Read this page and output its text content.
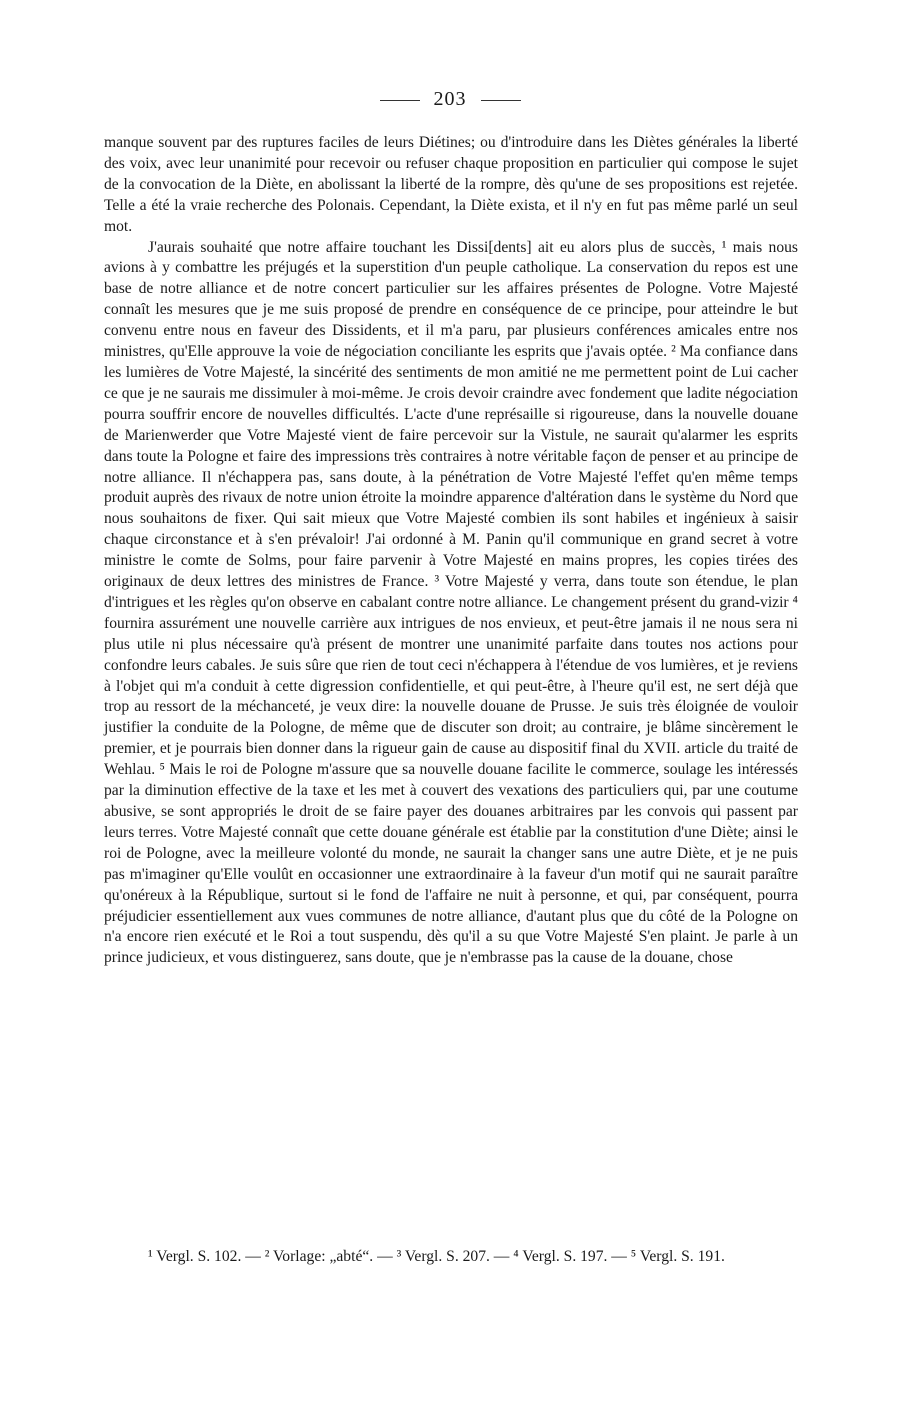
203

manque souvent par des ruptures faciles de leurs Diétines; ou d'introduire dans les Diètes générales la liberté des voix, avec leur unanimité pour recevoir ou refuser chaque proposition en particulier qui compose le sujet de la convocation de la Diète, en abolissant la liberté de la rompre, dès qu'une de ses propositions est rejetée. Telle a été la vraie recherche des Polonais. Cependant, la Diète exista, et il n'y en fut pas même parlé un seul mot.

J'aurais souhaité que notre affaire touchant les Dissi[dents] ait eu alors plus de succès, ¹ mais nous avions à y combattre les préjugés et la superstition d'un peuple catholique. La conservation du repos est une base de notre alliance et de notre concert particulier sur les affaires présentes de Pologne. Votre Majesté connaît les mesures que je me suis proposé de prendre en conséquence de ce principe, pour atteindre le but convenu entre nous en faveur des Dissidents, et il m'a paru, par plusieurs conférences amicales entre nos ministres, qu'Elle approuve la voie de négociation conciliante les esprits que j'avais optée. ² Ma confiance dans les lumières de Votre Majesté, la sincérité des sentiments de mon amitié ne me permettent point de Lui cacher ce que je ne saurais me dissimuler à moi-même. Je crois devoir craindre avec fondement que ladite négociation pourra souffrir encore de nouvelles difficultés. L'acte d'une représaille si rigoureuse, dans la nouvelle douane de Marienwerder que Votre Majesté vient de faire percevoir sur la Vistule, ne saurait qu'alarmer les esprits dans toute la Pologne et faire des impressions très contraires à notre véritable façon de penser et au principe de notre alliance. Il n'échappera pas, sans doute, à la pénétration de Votre Majesté l'effet qu'en même temps produit auprès des rivaux de notre union étroite la moindre apparence d'altération dans le système du Nord que nous souhaitons de fixer. Qui sait mieux que Votre Majesté combien ils sont habiles et ingénieux à saisir chaque circonstance et à s'en prévaloir! J'ai ordonné à M. Panin qu'il communique en grand secret à votre ministre le comte de Solms, pour faire parvenir à Votre Majesté en mains propres, les copies tirées des originaux de deux lettres des ministres de France. ³ Votre Majesté y verra, dans toute son étendue, le plan d'intrigues et les règles qu'on observe en cabalant contre notre alliance. Le changement présent du grand-vizir ⁴ fournira assurément une nouvelle carrière aux intrigues de nos envieux, et peut-être jamais il ne nous sera ni plus utile ni plus nécessaire qu'à présent de montrer une unanimité parfaite dans toutes nos actions pour confondre leurs cabales. Je suis sûre que rien de tout ceci n'échappera à l'étendue de vos lumières, et je reviens à l'objet qui m'a conduit à cette digression confidentielle, et qui peut-être, à l'heure qu'il est, ne sert déjà que trop au ressort de la méchanceté, je veux dire: la nouvelle douane de Prusse. Je suis très éloignée de vouloir justifier la conduite de la Pologne, de même que de discuter son droit; au contraire, je blâme sincèrement le premier, et je pourrais bien donner dans la rigueur gain de cause au dispositif final du XVII. article du traité de Wehlau. ⁵ Mais le roi de Pologne m'assure que sa nouvelle douane facilite le commerce, soulage les intéressés par la diminution effective de la taxe et les met à couvert des vexations des particuliers qui, par une coutume abusive, se sont appropriés le droit de se faire payer des douanes arbitraires par les convois qui passent par leurs terres. Votre Majesté connaît que cette douane générale est établie par la constitution d'une Diète; ainsi le roi de Pologne, avec la meilleure volonté du monde, ne saurait la changer sans une autre Diète, et je ne puis pas m'imaginer qu'Elle voulût en occasionner une extraordinaire à la faveur d'un motif qui ne saurait paraître qu'onéreux à la République, surtout si le fond de l'affaire ne nuit à personne, et qui, par conséquent, pourra préjudicier essentiellement aux vues communes de notre alliance, d'autant plus que du côté de la Pologne on n'a encore rien exécuté et le Roi a tout suspendu, dès qu'il a su que Votre Majesté S'en plaint. Je parle à un prince judicieux, et vous distinguerez, sans doute, que je n'embrasse pas la cause de la douane, chose

¹ Vergl. S. 102. — ² Vorlage: „abté“. — ³ Vergl. S. 207. — ⁴ Vergl. S. 197. — ⁵ Vergl. S. 191.
